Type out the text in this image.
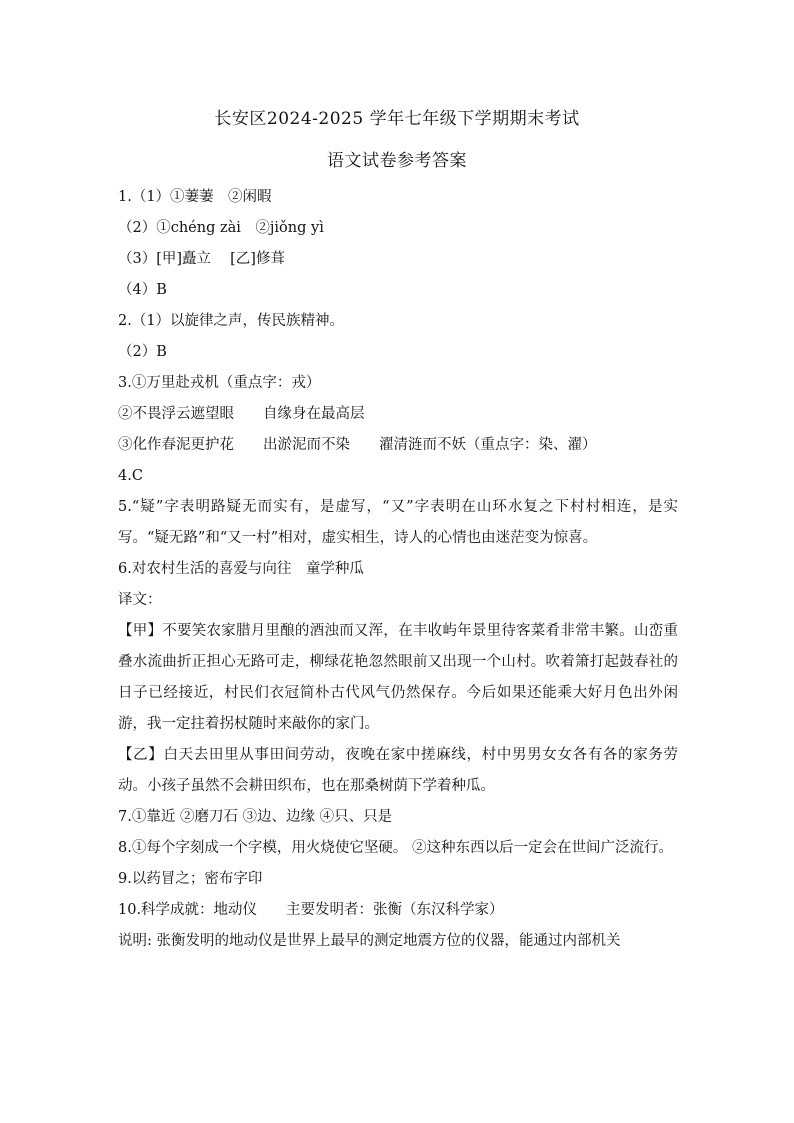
长安区2024-2025 学年七年级下学期期末考试
语文试卷参考答案
1.（1）①萋萋　②闲暇
（2）①chéng zài　②jiǒng yì
（3）[甲]矗立　 [乙]修葺
（4）B
2.（1）以旋律之声，传民族精神。
（2）B
3.①万里赴戎机（重点字：戎）
②不畏浮云遮望眼　　自缘身在最高层
③化作春泥更护花　　出淤泥而不染　　濯清涟而不妖（重点字：染、濯）
4.C
5.“疑”字表明路疑无而实有，是虚写，“又”字表明在山环水复之下村村相连，是实写。“疑无路”和“又一村”相对，虚实相生，诗人的心情也由迷茫变为惊喜。
6.对农村生活的喜爱与向往　童学种瓜
译文：
【甲】不要笑农家腊月里酿的酒浊而又浑，在丰收屿年景里待客菜肴非常丰繁。山峦重叠水流曲折正担心无路可走，柳绿花艳忽然眼前又出现一个山村。吹着箫打起鼓春社的日子已经接近，村民们衣冠简朴古代风气仍然保存。今后如果还能乘大好月色出外闲游，我一定拄着拐杖随时来敲你的家门。
【乙】白天去田里从事田间劳动，夜晚在家中搓麻线，村中男男女女各有各的家务劳动。小孩子虽然不会耕田织布，也在那桑树荫下学着种瓜。
7.①靠近 ②磨刀石 ③边、边缘 ④只、只是
8.①每个字刻成一个字模，用火烧使它坚硬。 ②这种东西以后一定会在世间广泛流行。
9.以药冒之；密布字印
10.科学成就：地动仪　　主要发明者：张衡（东汉科学家）
说明: 张衡发明的地动仪是世界上最早的测定地震方位的仪器，能通过内部机关
